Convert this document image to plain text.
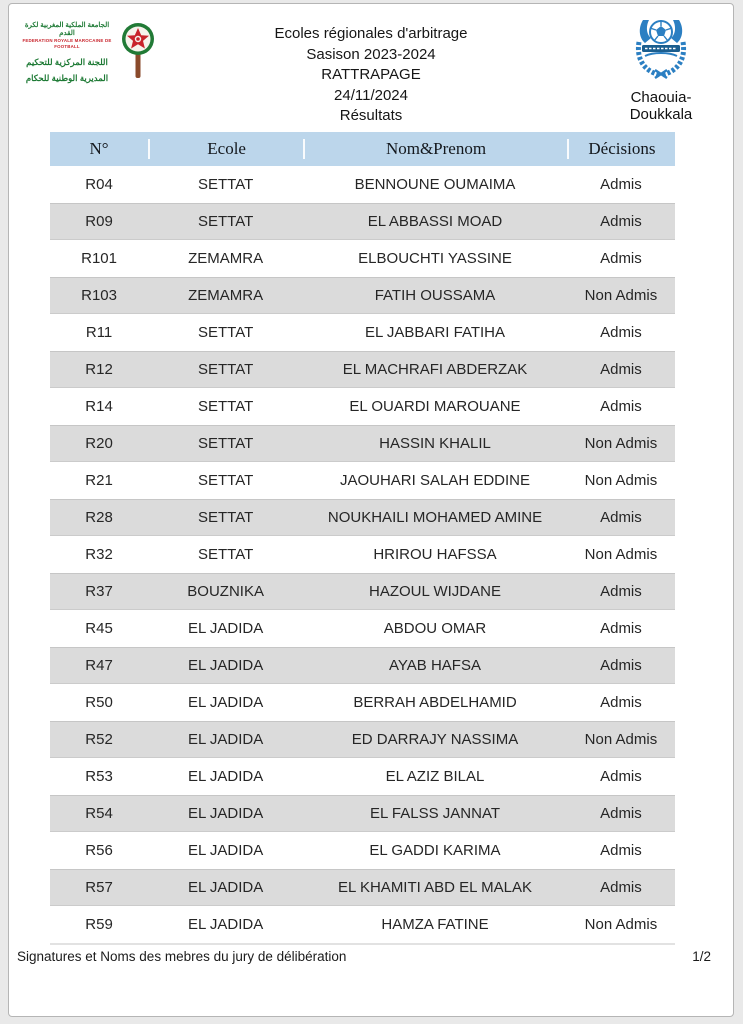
الجامعة الملكية المغربية لكرة القدم
FEDERATION ROYALE MAROCAINE DE FOOTBALL
اللجنة المركزية للتحكيم
المديرية الوطنية للحكام
Ecoles régionales d'arbitrage
Sasison 2023-2024
RATTRAPAGE
24/11/2024
Résultats
Chaouia-Doukkala
N°	Ecole	Nom&Prenom	Décisions
R04	SETTAT	BENNOUNE OUMAIMA	Admis
R09	SETTAT	EL ABBASSI MOAD	Admis
R101	ZEMAMRA	ELBOUCHTI YASSINE	Admis
R103	ZEMAMRA	FATIH OUSSAMA	Non Admis
R11	SETTAT	EL JABBARI FATIHA	Admis
R12	SETTAT	EL MACHRAFI ABDERZAK	Admis
R14	SETTAT	EL OUARDI MAROUANE	Admis
R20	SETTAT	HASSIN KHALIL	Non Admis
R21	SETTAT	JAOUHARI SALAH EDDINE	Non Admis
R28	SETTAT	NOUKHAILI MOHAMED AMINE	Admis
R32	SETTAT	HRIROU HAFSSA	Non Admis
R37	BOUZNIKA	HAZOUL WIJDANE	Admis
R45	EL JADIDA	ABDOU OMAR	Admis
R47	EL JADIDA	AYAB HAFSA	Admis
R50	EL JADIDA	BERRAH ABDELHAMID	Admis
R52	EL JADIDA	ED DARRAJY NASSIMA	Non Admis
R53	EL JADIDA	EL AZIZ BILAL	Admis
R54	EL JADIDA	EL FALSS JANNAT	Admis
R56	EL JADIDA	EL GADDI KARIMA	Admis
R57	EL JADIDA	EL KHAMITI ABD EL MALAK	Admis
R59	EL JADIDA	HAMZA FATINE	Non Admis
Signatures et Noms des mebres du jury de délibération	1/2
